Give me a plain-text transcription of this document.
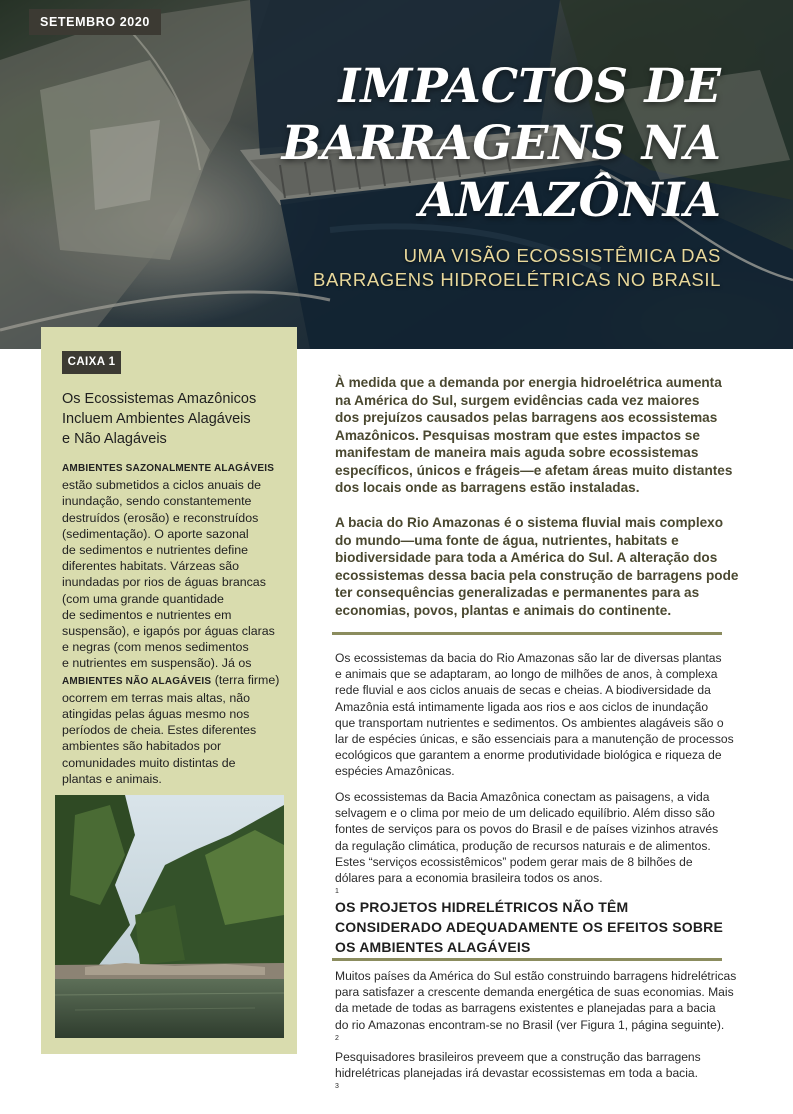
SETEMBRO 2020
IMPACTOS DE
BARRAGENS NA
AMAZÔNIA
UMA VISÃO ECOSSISTÊMICA DAS
BARRAGENS HIDROELÉTRICAS NO BRASIL
CAIXA 1
Os Ecossistemas Amazônicos
Incluem Ambientes Alagáveis
e Não Alagáveis
AMBIENTES SAZONALMENTE ALAGÁVEIS
estão submetidos a ciclos anuais de
inundação, sendo constantemente
destruídos (erosão) e reconstruídos
(sedimentação). O aporte sazonal
de sedimentos e nutrientes define
diferentes habitats. Várzeas são
inundadas por rios de águas brancas
(com uma grande quantidade
de sedimentos e nutrientes em
suspensão), e igapós por águas claras
e negras (com menos sedimentos
e nutrientes em suspensão). Já os
AMBIENTES NÃO ALAGÁVEIS (terra firme)
ocorrem em terras mais altas, não
atingidas pelas águas mesmo nos
períodos de cheia. Estes diferentes
ambientes são habitados por
comunidades muito distintas de
plantas e animais.
À medida que a demanda por energia hidroelétrica aumenta
na América do Sul, surgem evidências cada vez maiores
dos prejuízos causados pelas barragens aos ecossistemas
Amazônicos. Pesquisas mostram que estes impactos se
manifestam de maneira mais aguda sobre ecossistemas
específicos, únicos e frágeis—e afetam áreas muito distantes
dos locais onde as barragens estão instaladas.
A bacia do Rio Amazonas é o sistema fluvial mais complexo
do mundo—uma fonte de água, nutrientes, habitats e
biodiversidade para toda a América do Sul. A alteração dos
ecossistemas dessa bacia pela construção de barragens pode
ter consequências generalizadas e permanentes para as
economias, povos, plantas e animais do continente.
Os ecossistemas da bacia do Rio Amazonas são lar de diversas plantas
e animais que se adaptaram, ao longo de milhões de anos, à complexa
rede fluvial e aos ciclos anuais de secas e cheias. A biodiversidade da
Amazônia está intimamente ligada aos rios e aos ciclos de inundação
que transportam nutrientes e sedimentos. Os ambientes alagáveis são o
lar de espécies únicas, e são essenciais para a manutenção de processos
ecológicos que garantem a enorme produtividade biológica e riqueza de
espécies Amazônicas.
Os ecossistemas da Bacia Amazônica conectam as paisagens, a vida
selvagem e o clima por meio de um delicado equilíbrio. Além disso são
fontes de serviços para os povos do Brasil e de países vizinhos através
da regulação climática, produção de recursos naturais e de alimentos.
Estes “serviços ecossistêmicos” podem gerar mais de 8 bilhões de
dólares para a economia brasileira todos os anos.
$^1$
OS PROJETOS HIDRELÉTRICOS NÃO TÊM
CONSIDERADO ADEQUADAMENTE OS EFEITOS SOBRE
OS AMBIENTES ALAGÁVEIS
Muitos países da América do Sul estão construindo barragens hidrelétricas
para satisfazer a crescente demanda energética de suas economias. Mais
da metade de todas as barragens existentes e planejadas para a bacia
do rio Amazonas encontram-se no Brasil (ver Figura 1, página seguinte).
$^2$
Pesquisadores brasileiros preveem que a construção das barragens
hidrelétricas planejadas irá devastar ecossistemas em toda a bacia.
$^3$
